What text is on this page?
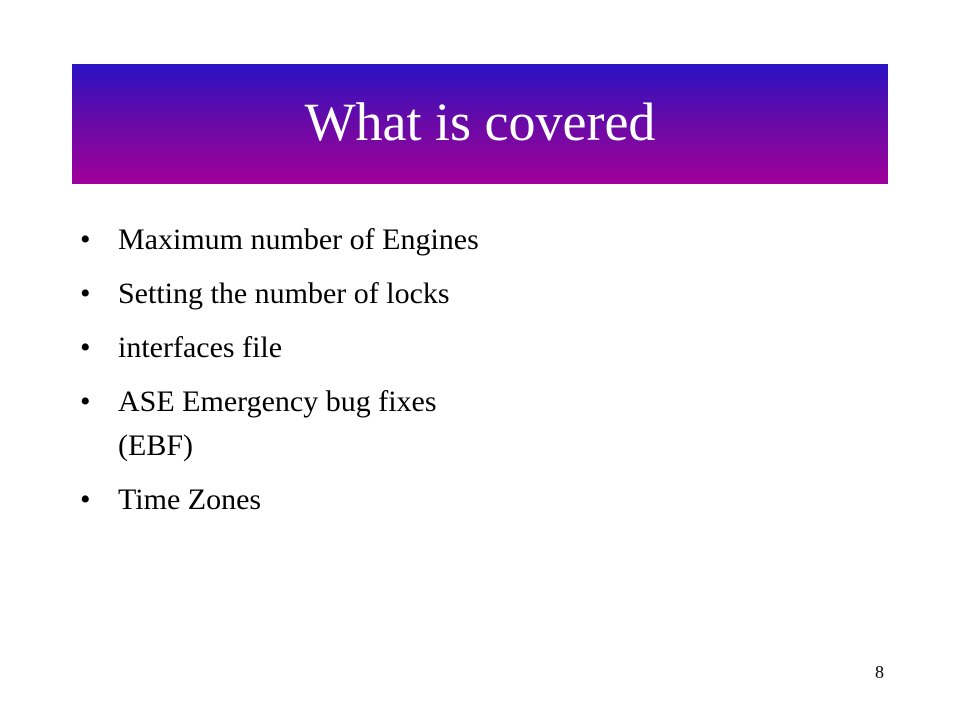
What is covered
• Maximum number of Engines
• Setting the number of locks
• interfaces file
• ASE Emergency bug fixes (EBF)
• Time Zones
8
